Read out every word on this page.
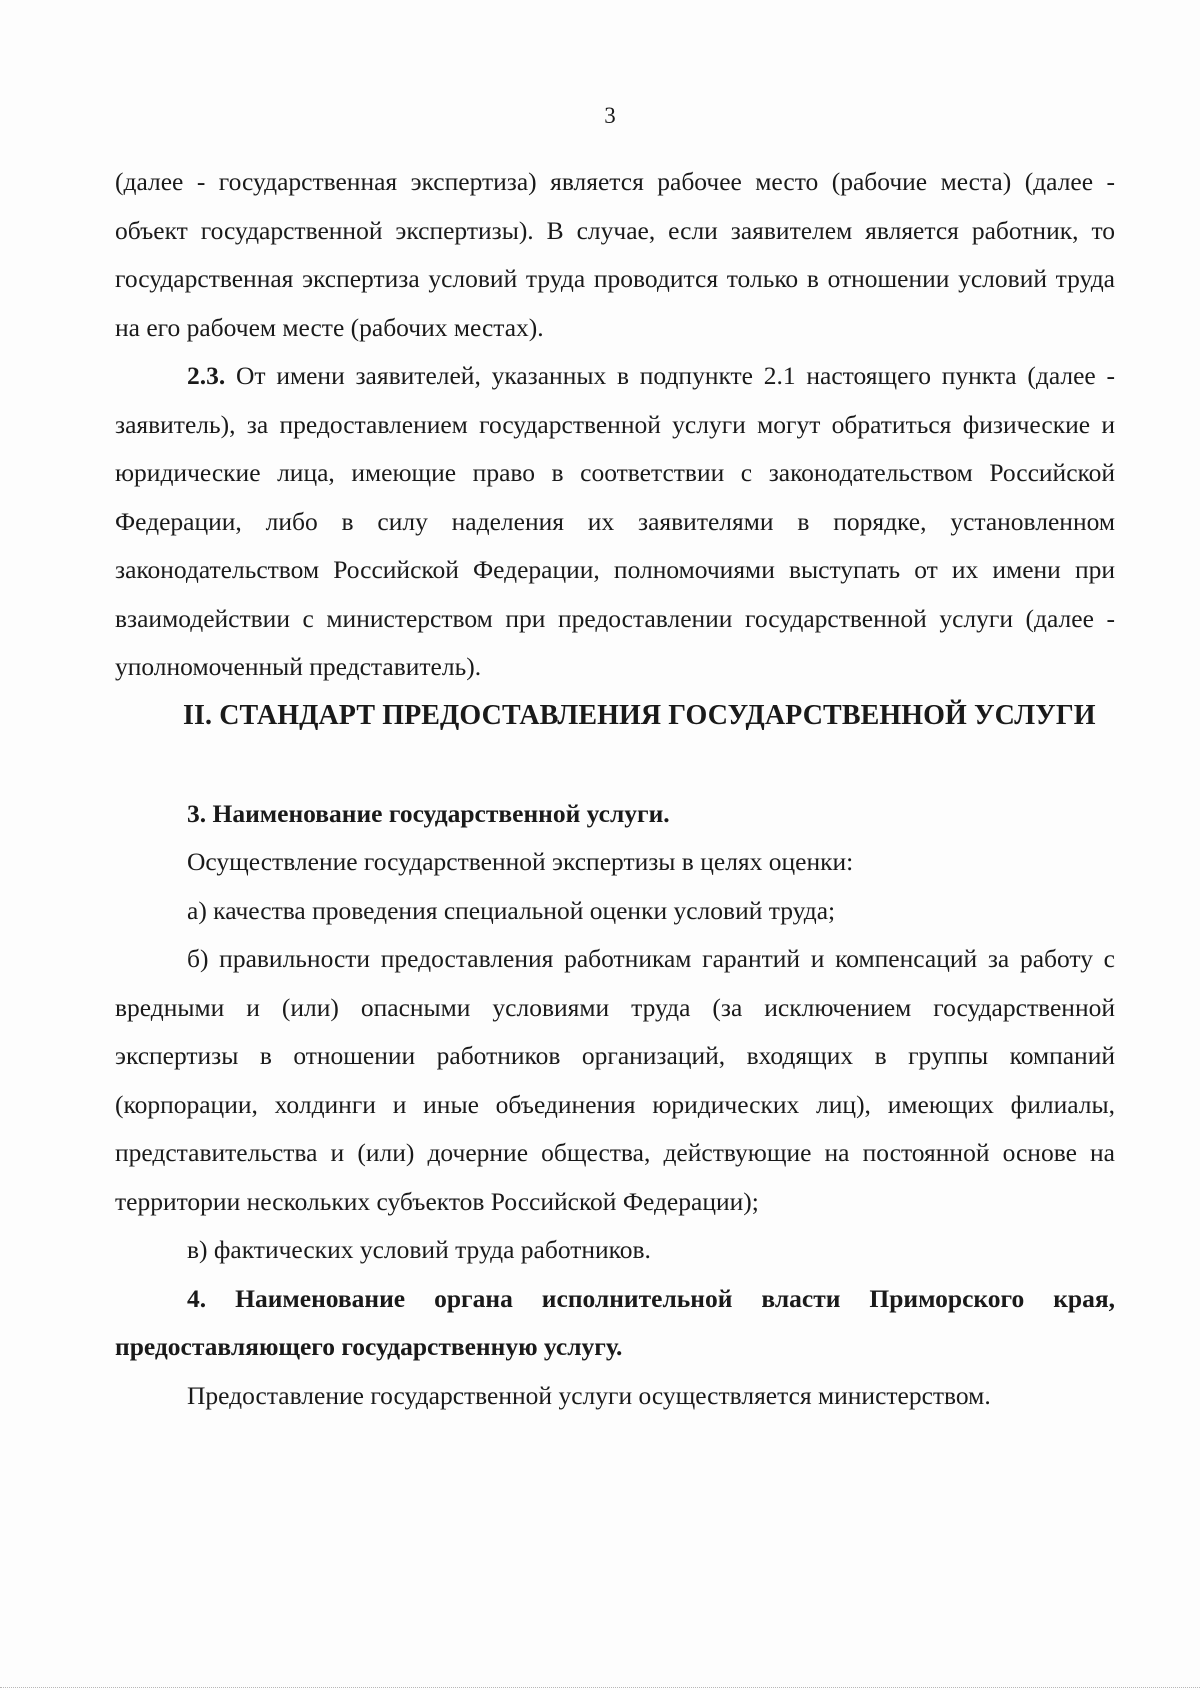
3

(далее - государственная экспертиза) является рабочее место (рабочие места) (далее - объект государственной экспертизы). В случае, если заявителем является работник, то государственная экспертиза условий труда проводится только в отношении условий труда на его рабочем месте (рабочих местах).

2.3. От имени заявителей, указанных в подпункте 2.1 настоящего пункта (далее - заявитель), за предоставлением государственной услуги могут обратиться физические и юридические лица, имеющие право в соответствии с законодательством Российской Федерации, либо в силу наделения их заявителями в порядке, установленном законодательством Российской Федерации, полномочиями выступать от их имени при взаимодействии с министерством при предоставлении государственной услуги (далее - уполномоченный представитель).

II. СТАНДАРТ ПРЕДОСТАВЛЕНИЯ ГОСУДАРСТВЕННОЙ УСЛУГИ

3. Наименование государственной услуги.

Осуществление государственной экспертизы в целях оценки:

а) качества проведения специальной оценки условий труда;

б) правильности предоставления работникам гарантий и компенсаций за работу с вредными и (или) опасными условиями труда (за исключением государственной экспертизы в отношении работников организаций, входящих в группы компаний (корпорации, холдинги и иные объединения юридических лиц), имеющих филиалы, представительства и (или) дочерние общества, действующие на постоянной основе на территории нескольких субъектов Российской Федерации);

в) фактических условий труда работников.

4. Наименование органа исполнительной власти Приморского края, предоставляющего государственную услугу.

Предоставление государственной услуги осуществляется министерством.
